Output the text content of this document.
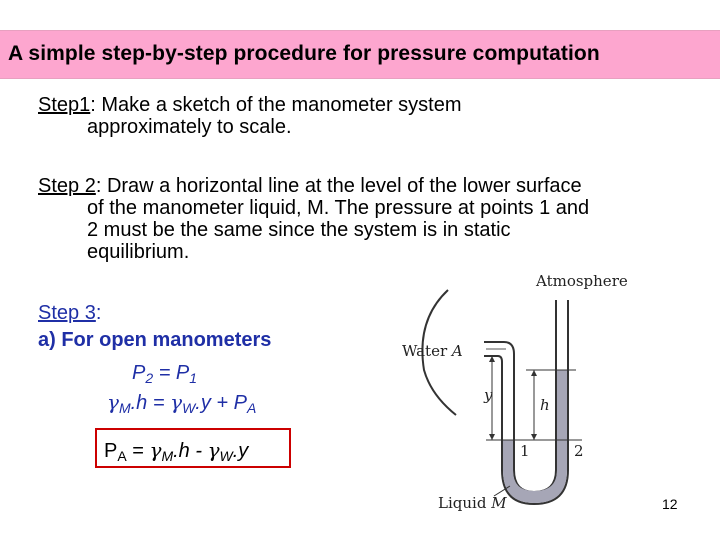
A simple step-by-step procedure for pressure computation
Step1: Make a sketch of the manometer system
approximately to scale.
Step 2: Draw a horizontal line at the level of the lower surface
of the manometer liquid, M. The pressure at points 1 and
2 must be the same since the system is in static
equilibrium.
Step 3:
a) For open manometers
$P_2 = P_1$
$\gamma_M.h = \gamma_W.y + P_A$
$P_A = \gamma_M.h - \gamma_W.y$
Atmosphere
Water A
y
h
1	2
Liquid M	12
